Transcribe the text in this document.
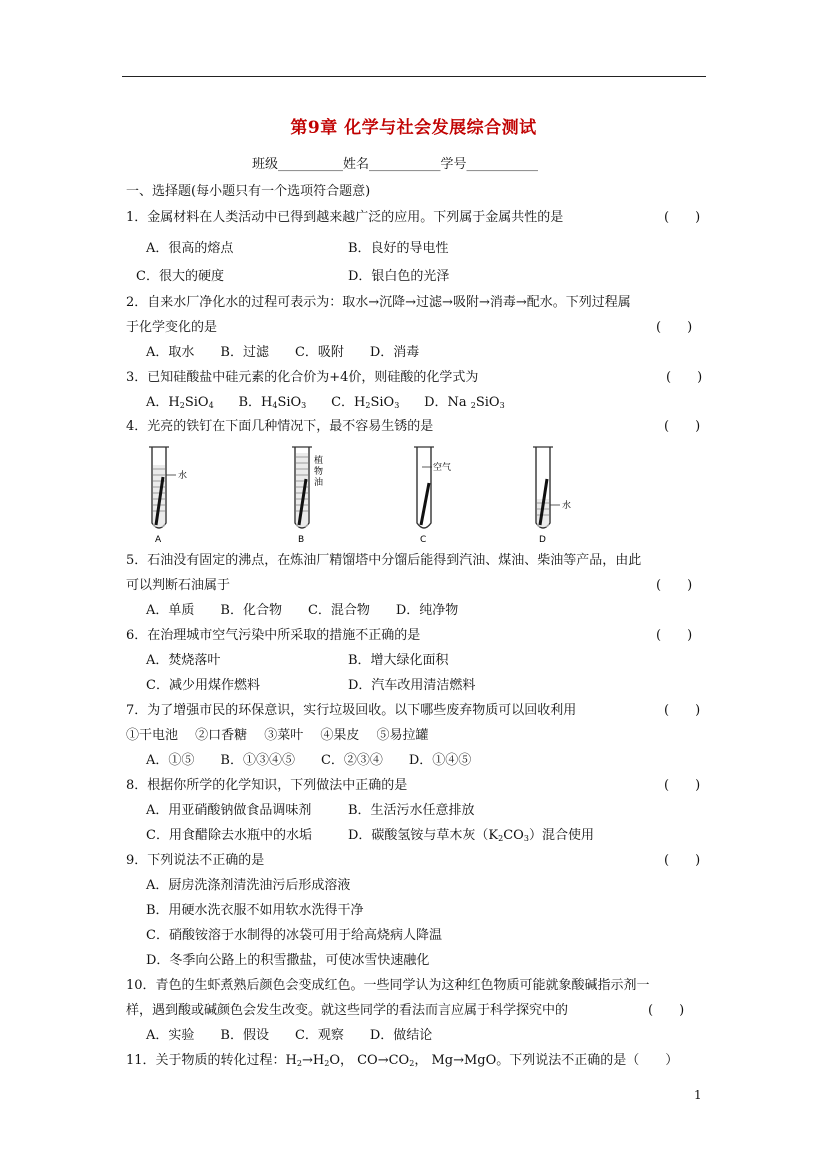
第9章 化学与社会发展综合测试
班级__________姓名___________学号___________
一、选择题(每小题只有一个选项符合题意)
1．金属材料在人类活动中已得到越来越广泛的应用。下列属于金属共性的是	(　　)
A．很高的熔点	B．良好的导电性
C．很大的硬度	D．银白色的光泽
2．自来水厂净化水的过程可表示为：取水→沉降→过滤→吸附→消毒→配水。下列过程属
于化学变化的是	(　　)
A．取水　　B．过滤　　C．吸附　　D．消毒
3．已知硅酸盐中硅元素的化合价为+4价，则硅酸的化学式为	(　　)
A．$H_2SiO_4$ B．$H_4SiO_3$ C．$H_2SiO_3$ D．Na $_2$SiO$_3$
4．光亮的铁钉在下面几种情况下，最不容易生锈的是	(　　)
水
A
植
物
油
B
空气
C
水
D
5．石油没有固定的沸点，在炼油厂精馏塔中分馏后能得到汽油、煤油、柴油等产品，由此
可以判断石油属于	(　　)
A．单质　　B．化合物　　C．混合物　　D．纯净物
6．在治理城市空气污染中所采取的措施不正确的是	(　　)
A．焚烧落叶	B．增大绿化面积
C．减少用煤作燃料	D．汽车改用清洁燃料
7．为了增强市民的环保意识，实行垃圾回收。以下哪些废弃物质可以回收利用	(　　)
①干电池　 ②口香糖　 ③菜叶　 ④果皮　 ⑤易拉罐
A．①⑤　　B．①③④⑤　　C．②③④　　D．①④⑤
8．根据你所学的化学知识，下列做法中正确的是	(　　)
A．用亚硝酸钠做食品调味剂	B．生活污水任意排放
C．用食醋除去水瓶中的水垢	D．碳酸氢铵与草木灰$(K_2CO_3)$混合使用
9．下列说法不正确的是	(　　)
A．厨房洗涤剂清洗油污后形成溶液
B．用硬水洗衣服不如用软水洗得干净
C．硝酸铵溶于水制得的冰袋可用于给高烧病人降温
D．冬季向公路上的积雪撒盐，可使冰雪快速融化
10．青色的生虾煮熟后颜色会变成红色。一些同学认为这种红色物质可能就象酸碱指示剂一
样，遇到酸或碱颜色会发生改变。就这些同学的看法而言应属于科学探究中的	(　　)
A．实验　　B．假设　　C．观察　　D．做结论
11．关于物质的转化过程：$H_2\to H_2O$， $CO\to CO_2$， Mg→MgO。下列说法不正确的是（　　）
1
